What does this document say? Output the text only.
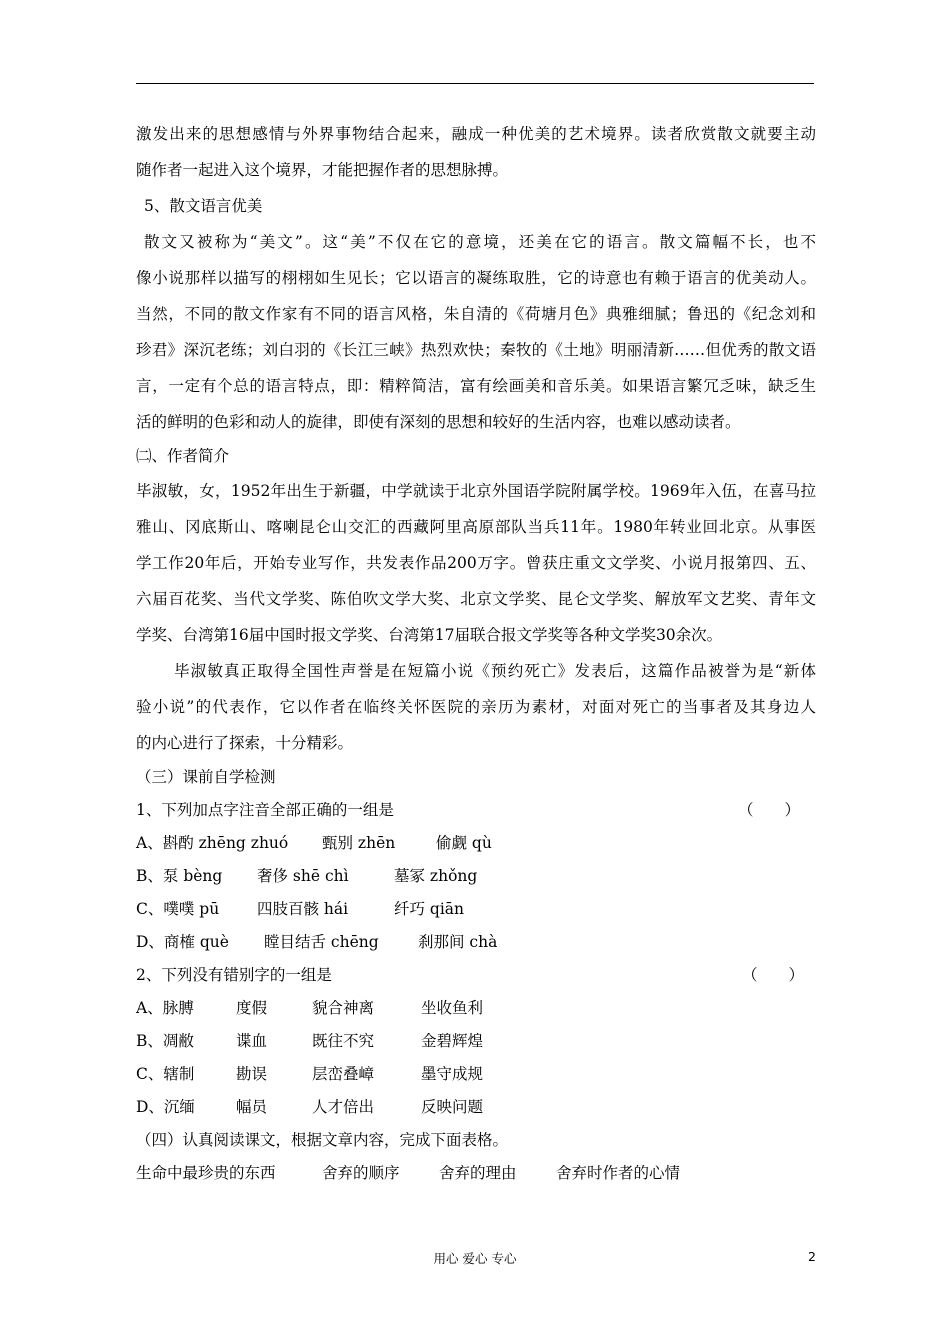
激发出来的思想感情与外界事物结合起来，融成一种优美的艺术境界。读者欣赏散文就要主动
随作者一起进入这个境界，才能把握作者的思想脉搏。
5、散文语言优美
散文又被称为“美文”。这“美”不仅在它的意境，还美在它的语言。散文篇幅不长，也不
像小说那样以描写的栩栩如生见长；它以语言的凝练取胜，它的诗意也有赖于语言的优美动人。
当然，不同的散文作家有不同的语言风格，朱自清的《荷塘月色》典雅细腻；鲁迅的《纪念刘和
珍君》深沉老练；刘白羽的《长江三峡》热烈欢快；秦牧的《土地》明丽清新……但优秀的散文语
言，一定有个总的语言特点，即：精粹简洁，富有绘画美和音乐美。如果语言繁冗乏味，缺乏生
活的鲜明的色彩和动人的旋律，即使有深刻的思想和较好的生活内容，也难以感动读者。
㈡、作者简介
毕淑敏，女，1952年出生于新疆，中学就读于北京外国语学院附属学校。1969年入伍，在喜马拉
雅山、冈底斯山、喀喇昆仑山交汇的西藏阿里高原部队当兵11年。1980年转业回北京。从事医
学工作20年后，开始专业写作，共发表作品200万字。曾获庄重文文学奖、小说月报第四、五、
六届百花奖、当代文学奖、陈伯吹文学大奖、北京文学奖、昆仑文学奖、解放军文艺奖、青年文
学奖、台湾第16届中国时报文学奖、台湾第17届联合报文学奖等各种文学奖30余次。
毕淑敏真正取得全国性声誉是在短篇小说《预约死亡》发表后，这篇作品被誉为是“新体
验小说”的代表作，它以作者在临终关怀医院的亲历为素材，对面对死亡的当事者及其身边人
的内心进行了探索，十分精彩。
（三）课前自学检测
1、下列加点字注音全部正确的一组是	（　　）
A、斟酌 zhēng zhuó 甄别 zhēn	偷觑 qù
B、泵 bèng 奢侈 shē chì	墓冢 zhǒng
C、噗噗 pū 四肢百骸 hái	纤巧 qiān
D、商榷 què 瞠目结舌 chēng	刹那间 chà
2、下列没有错别字的一组是	（　　）
A、脉膊	度假	貌合神离	坐收鱼利
B、凋敝	谍血	既往不究	金碧辉煌
C、辖制	勘误	层峦叠嶂	墨守成规
D、沉缅	幅员	人才倍出	反映问题
（四）认真阅读课文，根据文章内容，完成下面表格。
生命中最珍贵的东西	舍弃的顺序	舍弃的理由	舍弃时作者的心情
用心 爱心 专心	2
